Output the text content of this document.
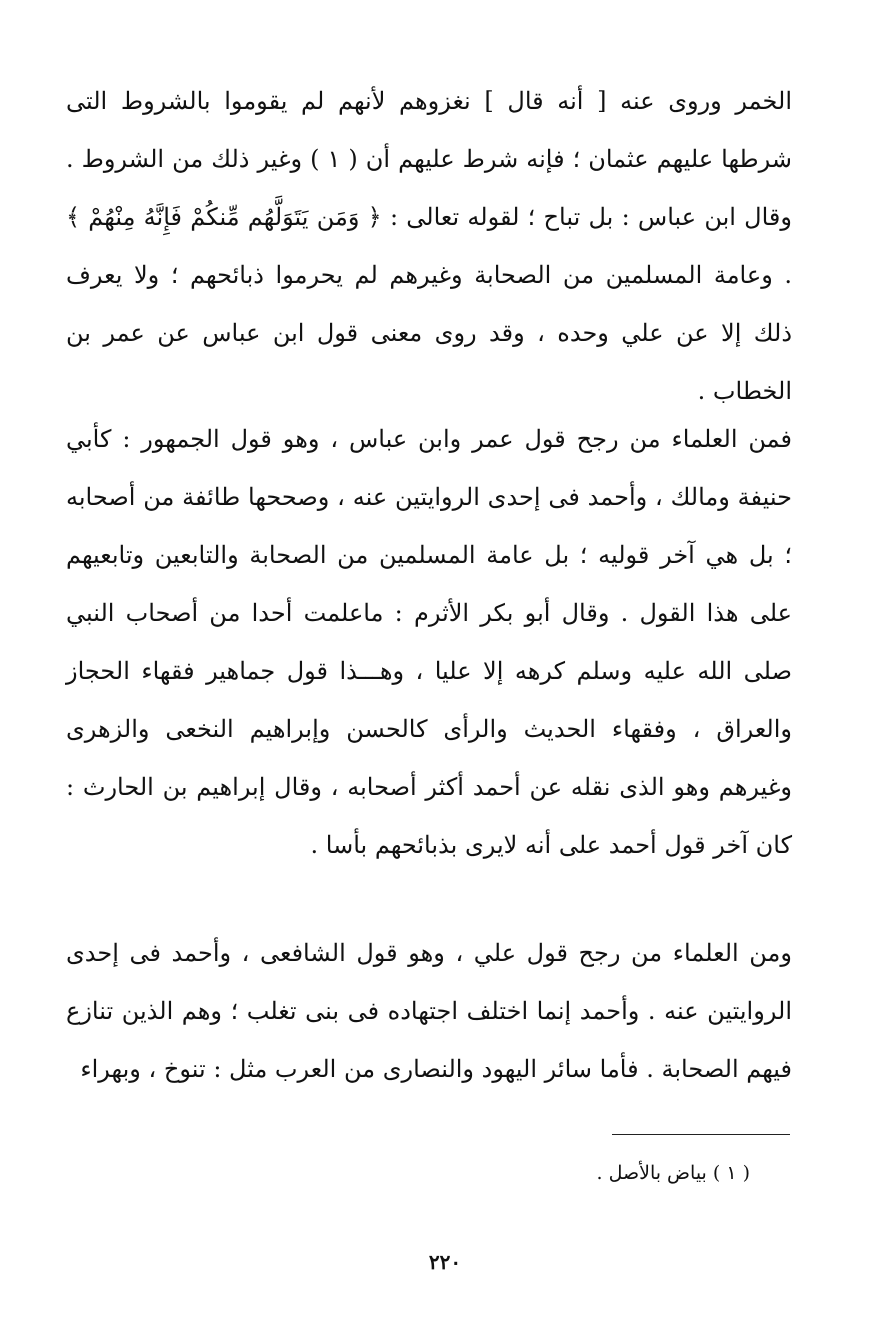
الخمر وروى عنه [ أنه قال ] نغزوهم لأنهم لم يقوموا بالشروط التى شرطها عليهم عثمان ؛ فإنه شرط عليهم أن ( ١ ) وغير ذلك من الشروط . وقال ابن عباس : بل تباح ؛ لقوله تعالى : ﴿ وَمَن يَتَوَلَّهُم مِّنكُمْ فَإِنَّهُ مِنْهُمْ ﴾ . وعامة المسلمين من الصحابة وغيرهم لم يحرموا ذبائحهم ؛ ولا يعرف ذلك إلا عن علي وحده ، وقد روى معنى قول ابن عباس عن عمر بن الخطاب .

فمن العلماء من رجح قول عمر وابن عباس ، وهو قول الجمهور : كأبي حنيفة ومالك ، وأحمد فى إحدى الروايتين عنه ، وصححها طائفة من أصحابه ؛ بل هي آخر قوليه ؛ بل عامة المسلمين من الصحابة والتابعين وتابعيهم على هذا القول . وقال أبو بكر الأثرم : ماعلمت أحدا من أصحاب النبي صلى الله عليه وسلم كرهه إلا عليا ، وهـــذا قول جماهير فقهاء الحجاز والعراق ، وفقهاء الحديث والرأى كالحسن وإبراهيم النخعى والزهرى وغيرهم وهو الذى نقله عن أحمد أكثر أصحابه ، وقال إبراهيم بن الحارث : كان آخر قول أحمد على أنه لايرى بذبائحهم بأسا .

ومن العلماء من رجح قول علي ، وهو قول الشافعى ، وأحمد فى إحدى الروايتين عنه . وأحمد إنما اختلف اجتهاده فى بنى تغلب ؛ وهم الذين تنازع فيهم الصحابة . فأما سائر اليهود والنصارى من العرب مثل : تنوخ ، وبهراء

( ١ ) بياض بالأصل .
٢٢٠
